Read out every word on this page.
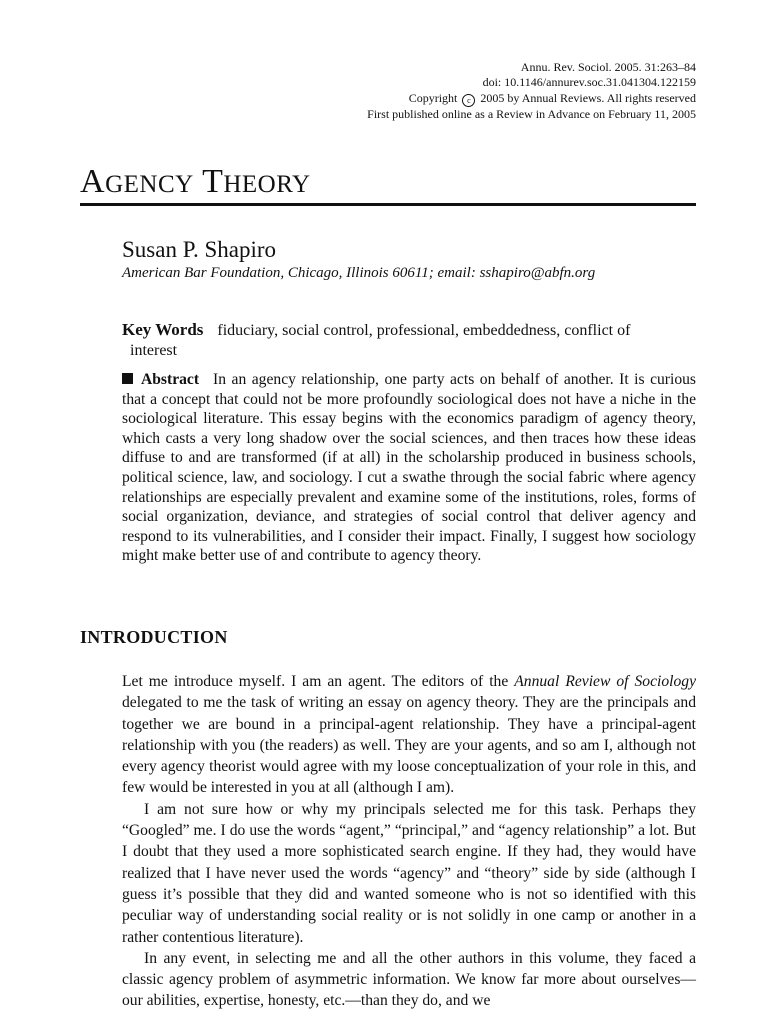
Annu. Rev. Sociol. 2005. 31:263–84
doi: 10.1146/annurev.soc.31.041304.122159
Copyright c 2005 by Annual Reviews. All rights reserved
First published online as a Review in Advance on February 11, 2005
AGENCY THEORY
Susan P. Shapiro
American Bar Foundation, Chicago, Illinois 60611; email: sshapiro@abfn.org
Key Words fiduciary, social control, professional, embeddedness, conflict of
interest
Abstract In an agency relationship, one party acts on behalf of another. It is curious that a concept that could not be more profoundly sociological does not have a niche in the sociological literature. This essay begins with the economics paradigm of agency theory, which casts a very long shadow over the social sciences, and then traces how these ideas diffuse to and are transformed (if at all) in the scholarship produced in business schools, political science, law, and sociology. I cut a swathe through the social fabric where agency relationships are especially prevalent and examine some of the institutions, roles, forms of social organization, deviance, and strategies of social control that deliver agency and respond to its vulnerabilities, and I consider their impact. Finally, I suggest how sociology might make better use of and contribute to agency theory.
INTRODUCTION

Let me introduce myself. I am an agent. The editors of the Annual Review of Sociology delegated to me the task of writing an essay on agency theory. They are the principals and together we are bound in a principal-agent relationship. They have a principal-agent relationship with you (the readers) as well. They are your agents, and so am I, although not every agency theorist would agree with my loose conceptualization of your role in this, and few would be interested in you at all (although I am).

I am not sure how or why my principals selected me for this task. Perhaps they “Googled” me. I do use the words “agent,” “principal,” and “agency relationship” a lot. But I doubt that they used a more sophisticated search engine. If they had, they would have realized that I have never used the words “agency” and “theory” side by side (although I guess it’s possible that they did and wanted someone who is not so identified with this peculiar way of understanding social reality or is not solidly in one camp or another in a rather contentious literature).

In any event, in selecting me and all the other authors in this volume, they faced a classic agency problem of asymmetric information. We know far more about ourselves—our abilities, expertise, honesty, etc.—than they do, and we
